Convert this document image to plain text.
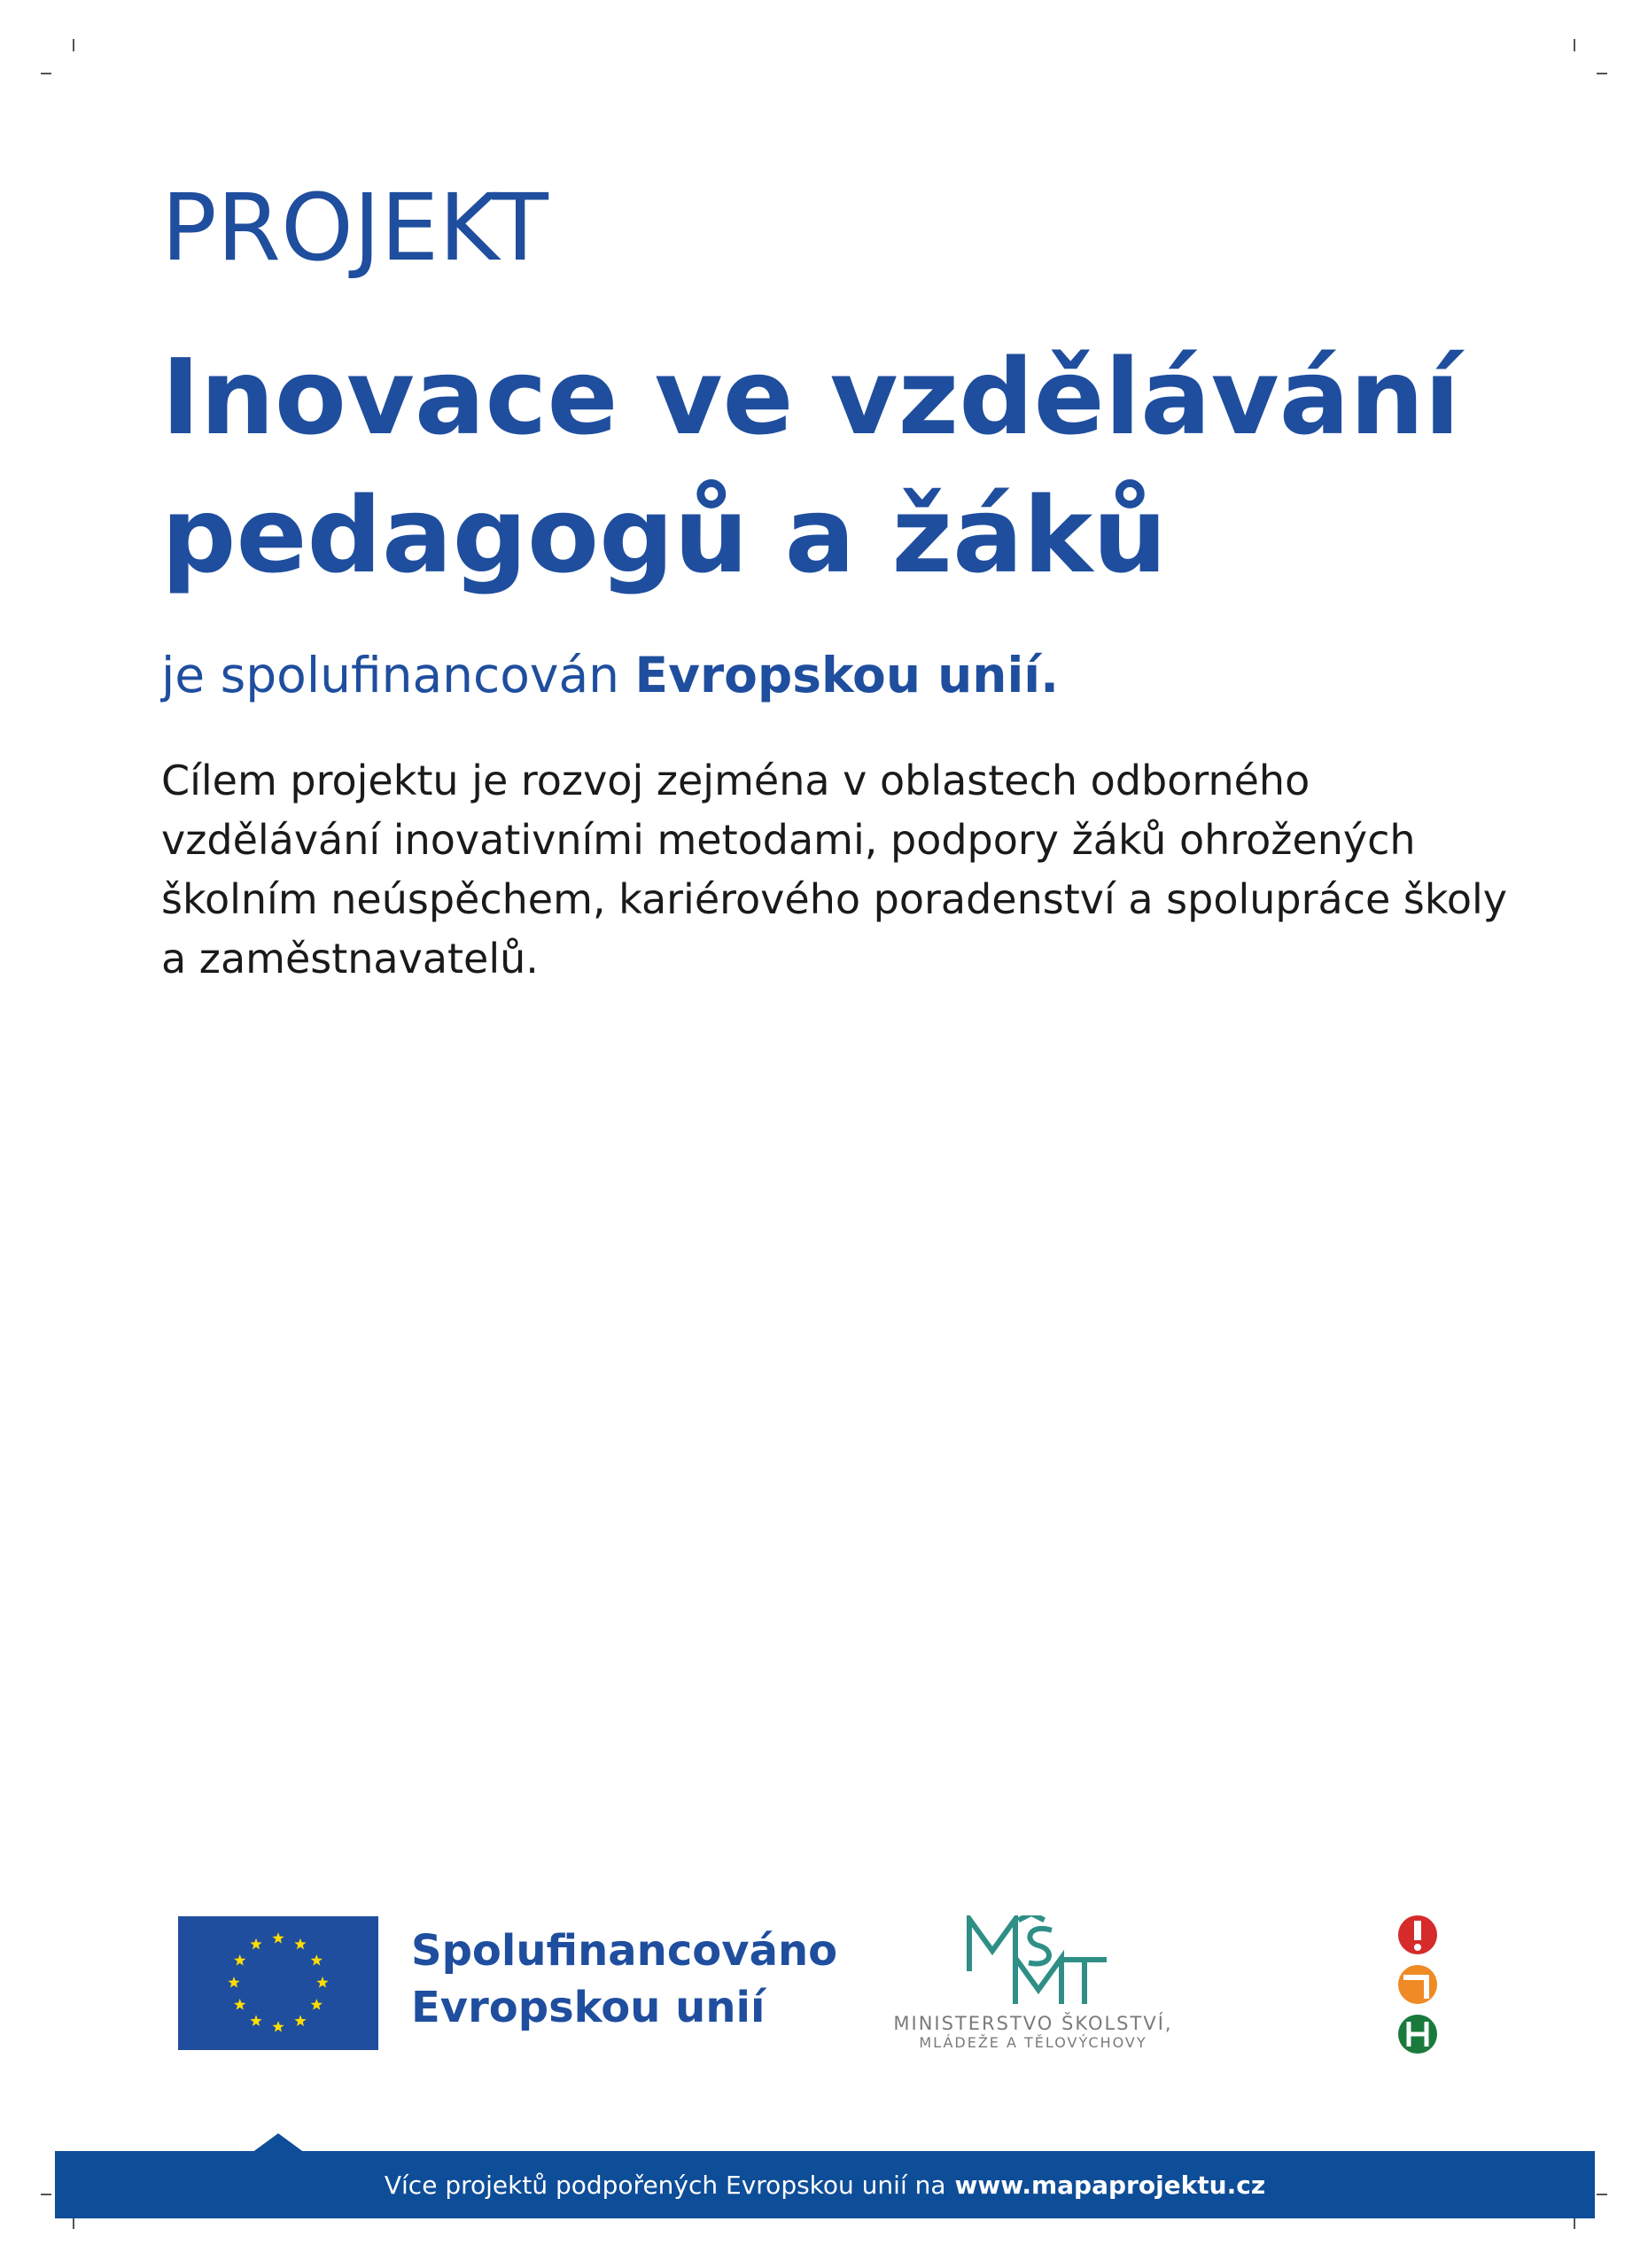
PROJEKT
Inovace ve vzdělávání
pedagogů a žáků
je spolufinancován Evropskou unií.
Cílem projektu je rozvoj zejména v oblastech odborného
vzdělávání inovativními metodami, podpory žáků ohrožených
školním neúspěchem, kariérového poradenství a spolupráce školy
a zaměstnavatelů.
Spolufinancováno
Evropskou unií	MINISTERSTVO ŠKOLSTVÍ,
MLÁDEŽE A TĚLOVÝCHOVY
Více projektů podpořených Evropskou unií na www.mapaprojektu.cz
